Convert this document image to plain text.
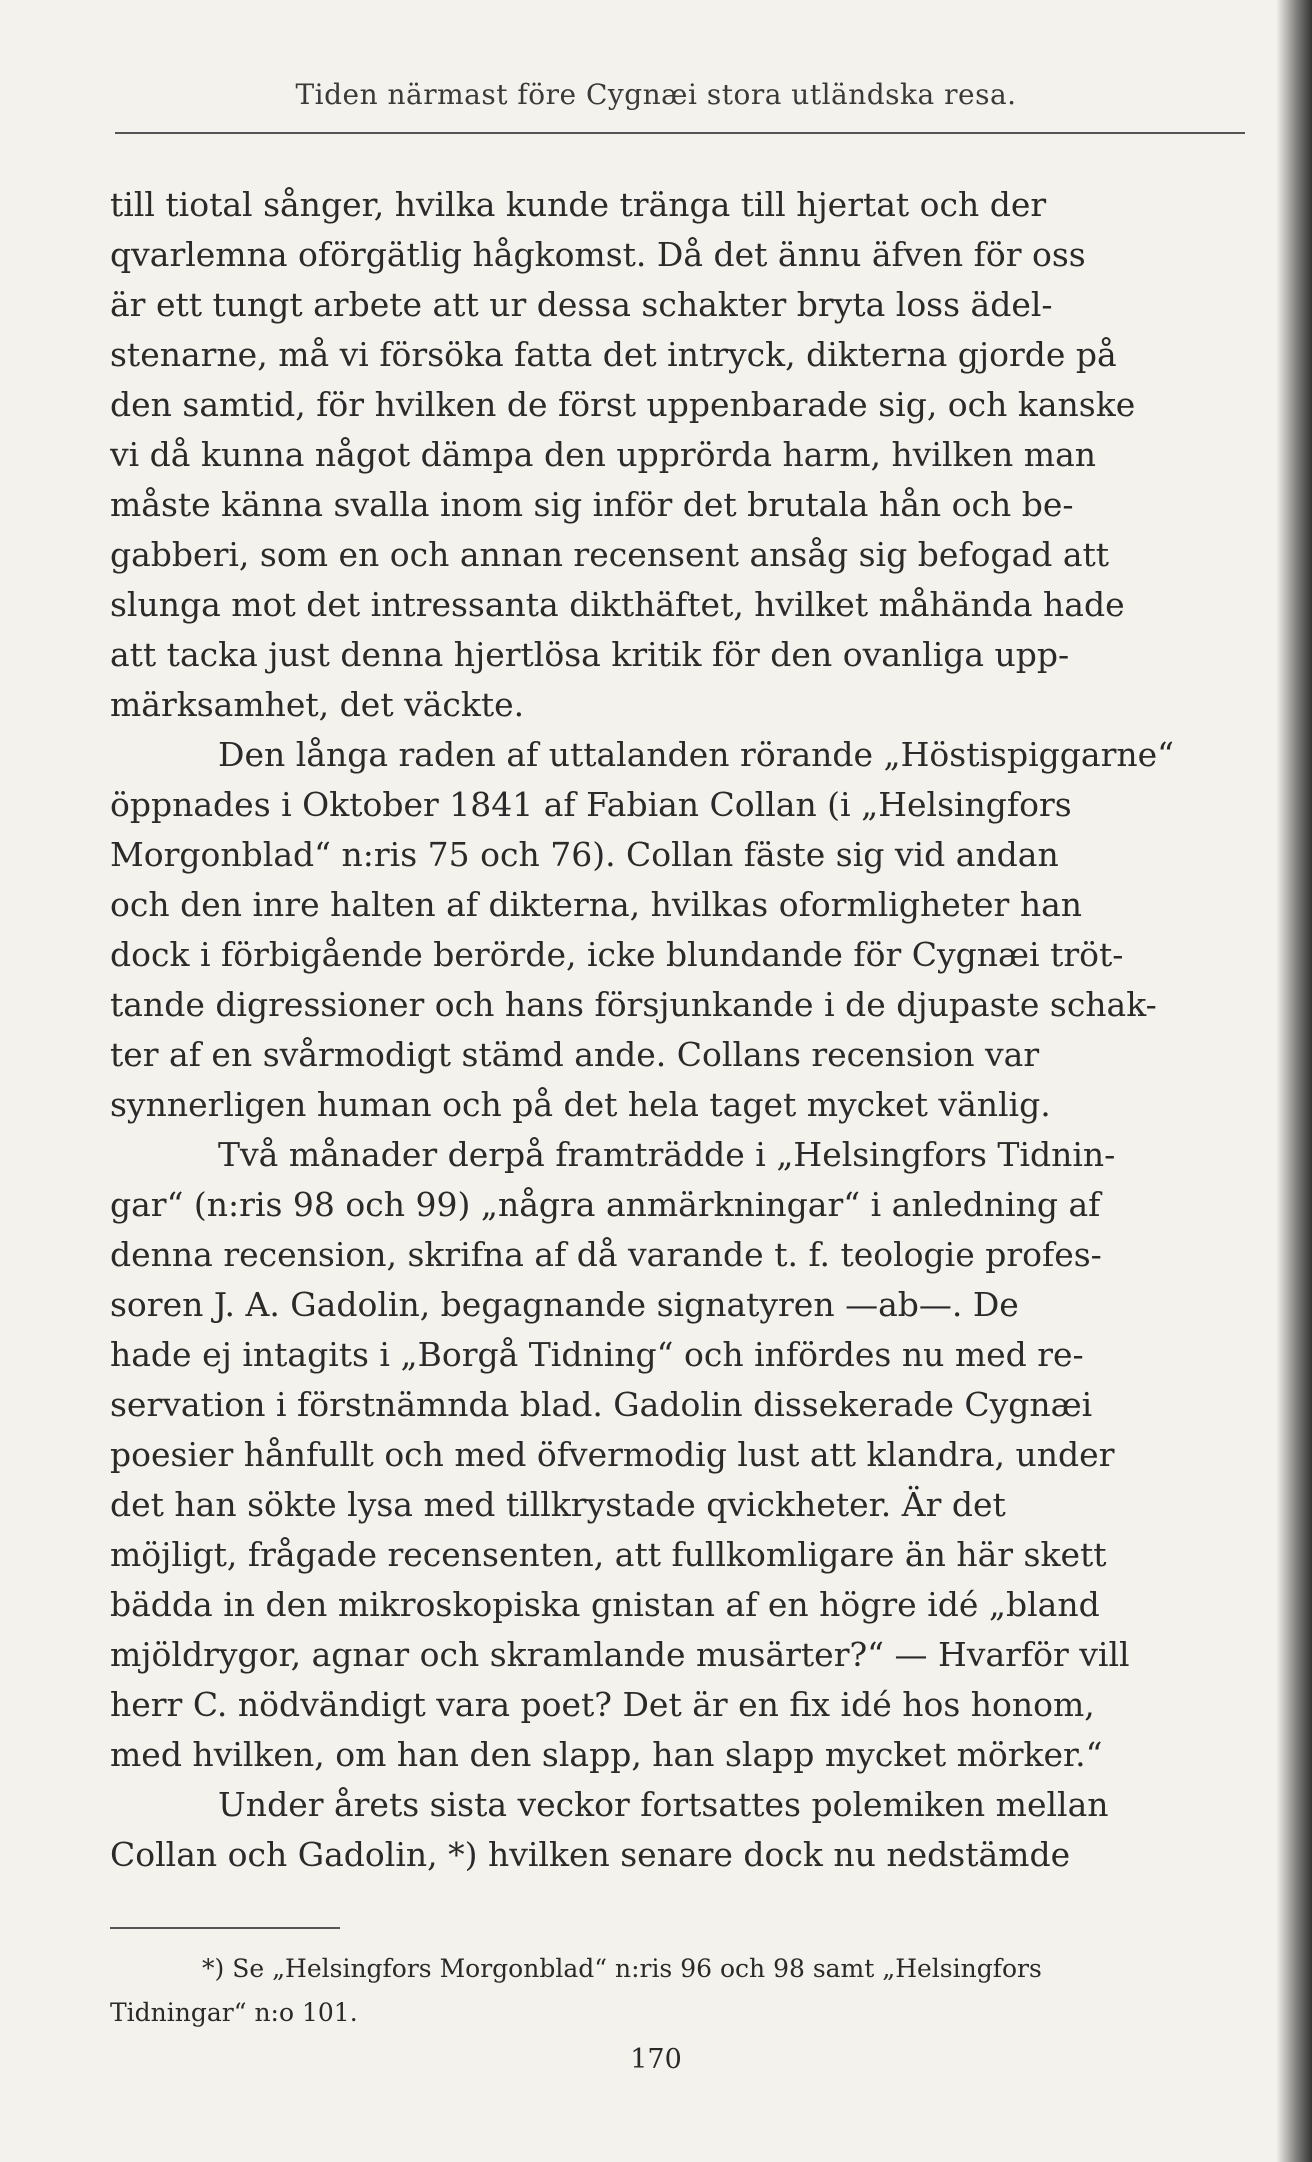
Tiden närmast före Cygnæi stora utländska resa.
till tiotal sånger, hvilka kunde tränga till hjertat och der
qvarlemna oförgätlig hågkomst. Då det ännu äfven för oss
är ett tungt arbete att ur dessa schakter bryta loss ädel-
stenarne, må vi försöka fatta det intryck, dikterna gjorde på
den samtid, för hvilken de först uppenbarade sig, och kanske
vi då kunna något dämpa den upprörda harm, hvilken man
måste känna svalla inom sig inför det brutala hån och be-
gabberi, som en och annan recensent ansåg sig befogad att
slunga mot det intressanta dikthäftet, hvilket måhända hade
att tacka just denna hjertlösa kritik för den ovanliga upp-
märksamhet, det väckte.
Den långa raden af uttalanden rörande „Höstispiggarne“
öppnades i Oktober 1841 af Fabian Collan (i „Helsingfors
Morgonblad“ n:ris 75 och 76). Collan fäste sig vid andan
och den inre halten af dikterna, hvilkas oformligheter han
dock i förbigående berörde, icke blundande för Cygnæi tröt-
tande digressioner och hans försjunkande i de djupaste schak-
ter af en svårmodigt stämd ande. Collans recension var
synnerligen human och på det hela taget mycket vänlig.
Två månader derpå framträdde i „Helsingfors Tidnin-
gar“ (n:ris 98 och 99) „några anmärkningar“ i anledning af
denna recension, skrifna af då varande t. f. teologie profes-
soren J. A. Gadolin, begagnande signatyren —ab—. De
hade ej intagits i „Borgå Tidning“ och infördes nu med re-
servation i förstnämnda blad. Gadolin dissekerade Cygnæi
poesier hånfullt och med öfvermodig lust att klandra, under
det han sökte lysa med tillkrystade qvickheter. Är det
möjligt, frågade recensenten, att fullkomligare än här skett
bädda in den mikroskopiska gnistan af en högre idé „bland
mjöldrygor, agnar och skramlande musärter?“ — Hvarför vill
herr C. nödvändigt vara poet? Det är en fix idé hos honom,
med hvilken, om han den slapp, han slapp mycket mörker.“
Under årets sista veckor fortsattes polemiken mellan
Collan och Gadolin, *) hvilken senare dock nu nedstämde
*) Se „Helsingfors Morgonblad“ n:ris 96 och 98 samt „Helsingfors
Tidningar“ n:o 101.
170
